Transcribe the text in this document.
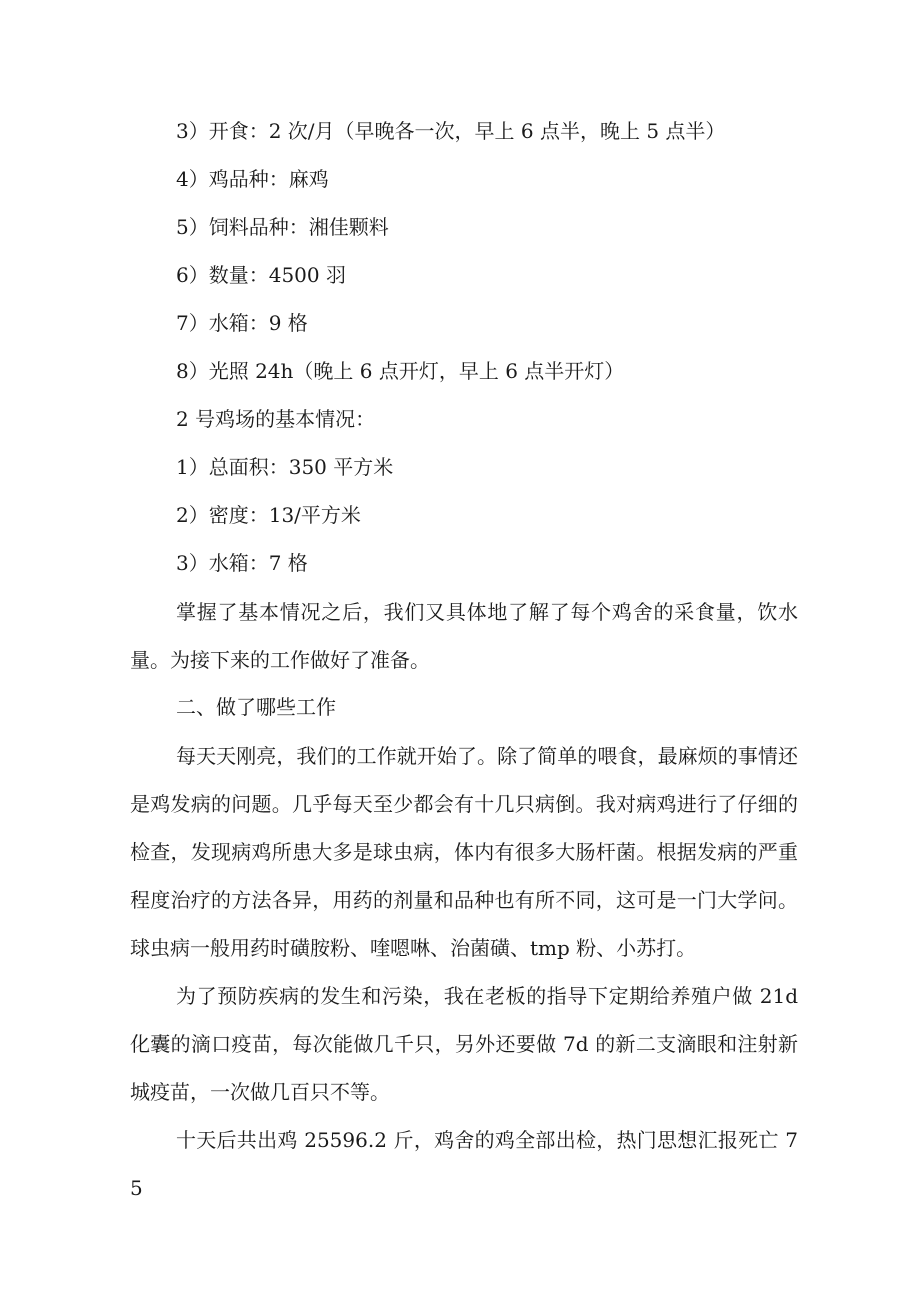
3）开食：2 次/月（早晚各一次，早上 6 点半，晚上 5 点半）
4）鸡品种：麻鸡
5）饲料品种：湘佳颗料
6）数量：4500 羽
7）水箱：9 格
8）光照 24h（晚上 6 点开灯，早上 6 点半开灯）
2 号鸡场的基本情况：
1）总面积：350 平方米
2）密度：13/平方米
3）水箱：7 格
掌握了基本情况之后，我们又具体地了解了每个鸡舍的采食量，饮水量。为接下来的工作做好了准备。
二、做了哪些工作
每天天刚亮，我们的工作就开始了。除了简单的喂食，最麻烦的事情还是鸡发病的问题。几乎每天至少都会有十几只病倒。我对病鸡进行了仔细的检查，发现病鸡所患大多是球虫病，体内有很多大肠杆菌。根据发病的严重程度治疗的方法各异，用药的剂量和品种也有所不同，这可是一门大学问。球虫病一般用药时磺胺粉、喹嗯啉、治菌磺、tmp 粉、小苏打。
为了预防疾病的发生和污染，我在老板的指导下定期给养殖户做 21d 化囊的滴口疫苗，每次能做几千只，另外还要做 7d 的新二支滴眼和注射新城疫苗，一次做几百只不等。
十天后共出鸡 25596.2 斤，鸡舍的鸡全部出检，热门思想汇报死亡 75
